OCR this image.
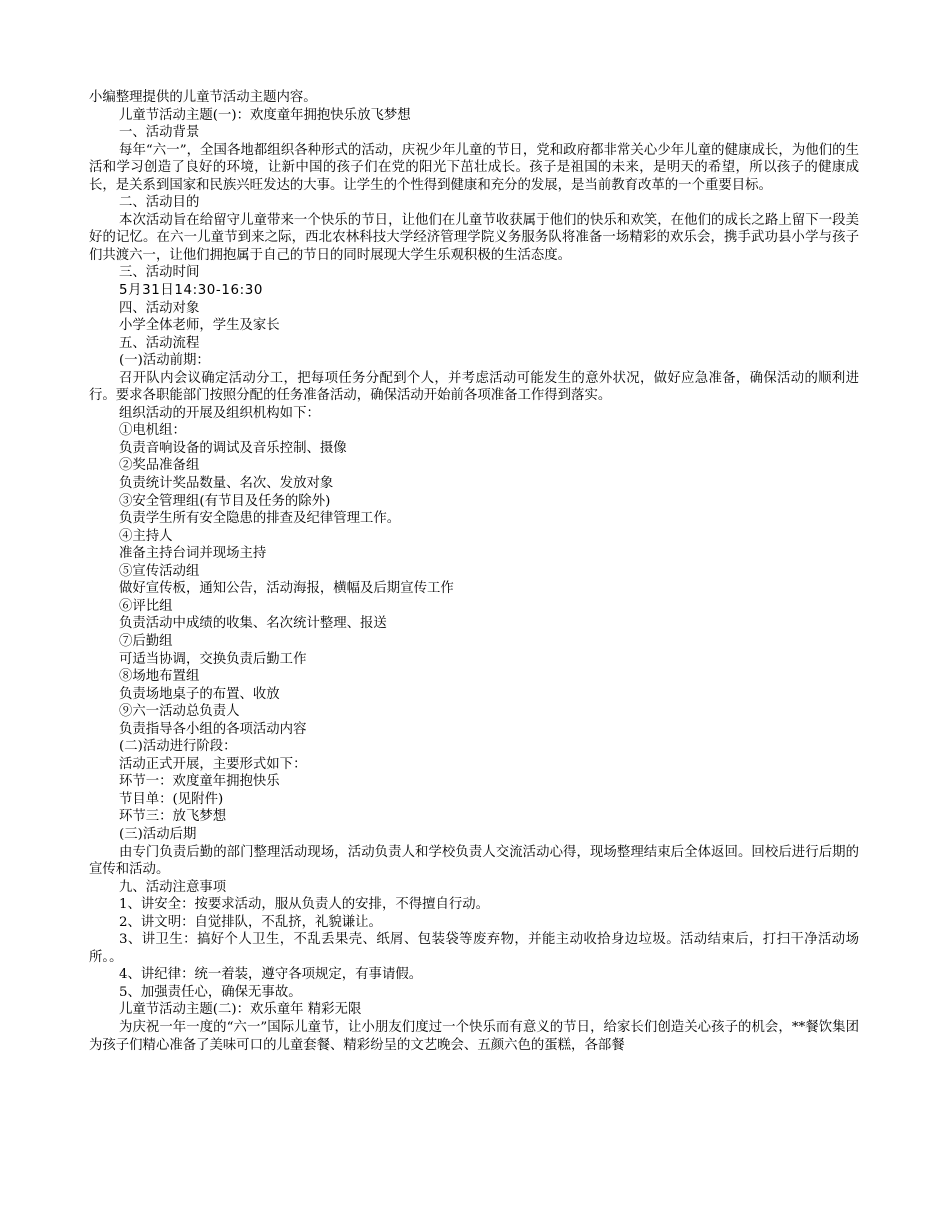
小编整理提供的儿童节活动主题内容。

儿童节活动主题(一)：欢度童年拥抱快乐放飞梦想

一、活动背景

每年“六一”，全国各地都组织各种形式的活动，庆祝少年儿童的节日，党和政府都非常关心少年儿童的健康成长，为他们的生活和学习创造了良好的环境，让新中国的孩子们在党的阳光下茁壮成长。孩子是祖国的未来，是明天的希望，所以孩子的健康成长，是关系到国家和民族兴旺发达的大事。让学生的个性得到健康和充分的发展，是当前教育改革的一个重要目标。

二、活动目的

本次活动旨在给留守儿童带来一个快乐的节日，让他们在儿童节收获属于他们的快乐和欢笑，在他们的成长之路上留下一段美好的记忆。在六一儿童节到来之际，西北农林科技大学经济管理学院义务服务队将准备一场精彩的欢乐会，携手武功县小学与孩子们共渡六一，让他们拥抱属于自己的节日的同时展现大学生乐观积极的生活态度。

三、活动时间

5月31日14:30-16:30

四、活动对象

小学全体老师，学生及家长

五、活动流程

(一)活动前期：

召开队内会议确定活动分工，把每项任务分配到个人，并考虑活动可能发生的意外状况，做好应急准备，确保活动的顺利进行。要求各职能部门按照分配的任务准备活动，确保活动开始前各项准备工作得到落实。

组织活动的开展及组织机构如下：

①电机组：

负责音响设备的调试及音乐控制、摄像

②奖品准备组

负责统计奖品数量、名次、发放对象

③安全管理组(有节目及任务的除外)

负责学生所有安全隐患的排查及纪律管理工作。

④主持人

准备主持台词并现场主持

⑤宣传活动组

做好宣传板，通知公告，活动海报，横幅及后期宣传工作

⑥评比组

负责活动中成绩的收集、名次统计整理、报送

⑦后勤组

可适当协调，交换负责后勤工作

⑧场地布置组

负责场地桌子的布置、收放

⑨六一活动总负责人

负责指导各小组的各项活动内容

(二)活动进行阶段：

活动正式开展，主要形式如下：

环节一：欢度童年拥抱快乐

节目单：(见附件)

环节三：放飞梦想

(三)活动后期

由专门负责后勤的部门整理活动现场，活动负责人和学校负责人交流活动心得，现场整理结束后全体返回。回校后进行后期的宣传和活动。

九、活动注意事项

1、讲安全：按要求活动，服从负责人的安排，不得擅自行动。

2、讲文明：自觉排队，不乱挤，礼貌谦让。

3、讲卫生：搞好个人卫生，不乱丢果壳、纸屑、包装袋等废弃物，并能主动收拾身边垃圾。活动结束后，打扫干净活动场所。。

4、讲纪律：统一着装，遵守各项规定，有事请假。

5、加强责任心，确保无事故。

儿童节活动主题(二)：欢乐童年 精彩无限

为庆祝一年一度的“六一”国际儿童节，让小朋友们度过一个快乐而有意义的节日，给家长们创造关心孩子的机会，**餐饮集团为孩子们精心准备了美味可口的儿童套餐、精彩纷呈的文艺晚会、五颜六色的蛋糕，各部餐
